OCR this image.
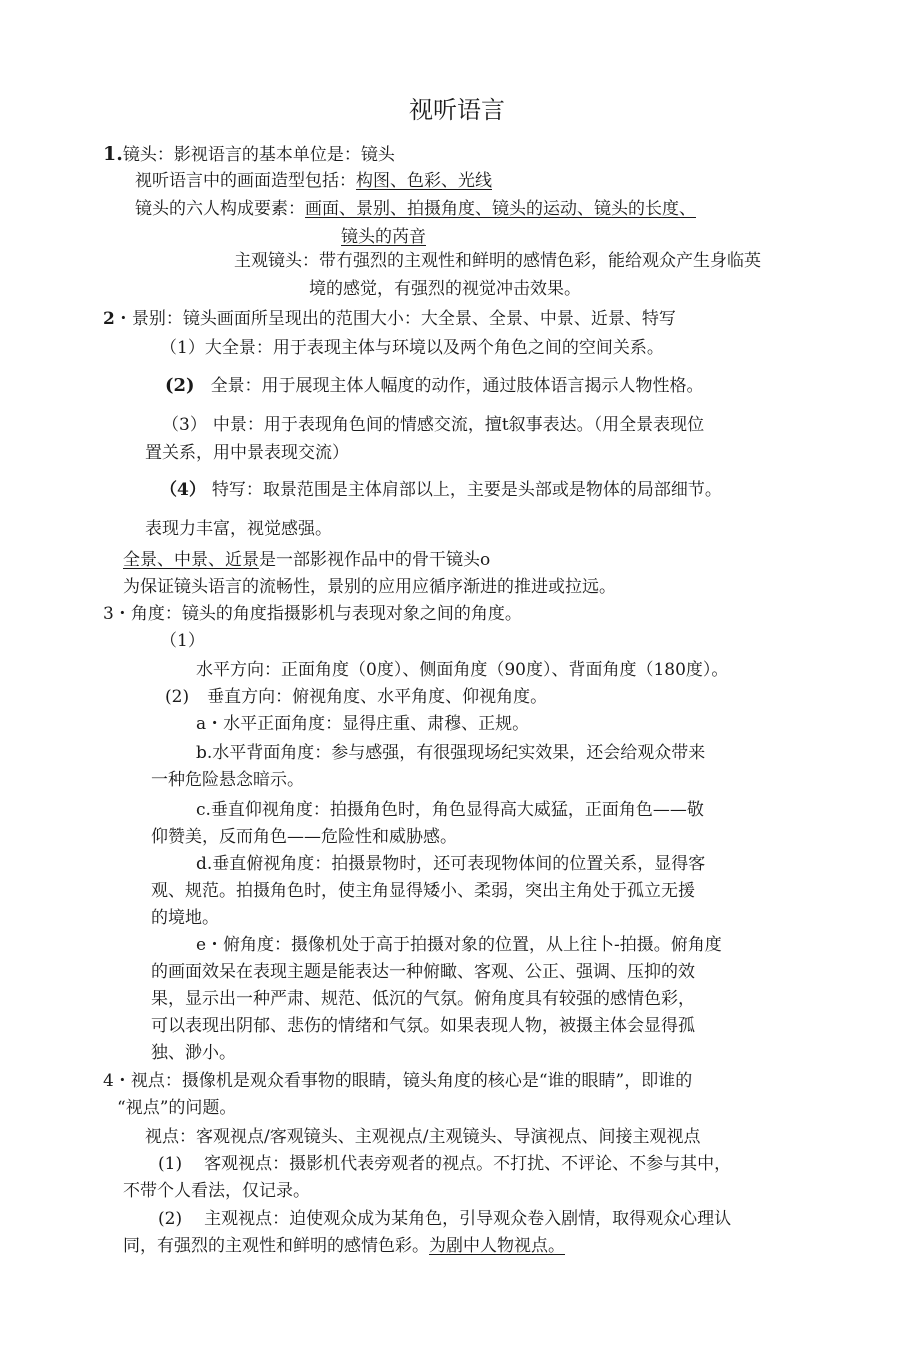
视听语言
1.镜头：影视语言的基本单位是：镜头
视听语言中的画面造型包括：构图、色彩、光线
镜头的六人构成要素：画面、景别、拍摄角度、镜头的运动、镜头的长度、
镜头的芮音
主观镜头：带冇强烈的主观性和鲜明的感情色彩，能给观众产生身临英
境的感觉，有强烈的视觉冲击效果。
2・景别：镜头画面所呈现出的范围大小：大全景、全景、中景、近景、特写
（1）大全景：用于表现主体与环境以及两个角色之间的空间关系。
(2) 全景：用于展现主体人幅度的动作，通过肢体语言揭示人物性格。
（3） 中景：用于表现角色间的情感交流，擅t叙事表达。（用全景表现位
置关系，用中景表现交流）
（4） 特写：取景范围是主体肩部以上，主要是头部或是物体的局部细节。
表现力丰富，视觉感强。
全景、中景、近景是一部影视作品中的骨干镜头o
为保证镜头语言的流畅性，景别的应用应循序渐进的推进或拉远。
3・角度：镜头的角度指摄影机与表现对象之间的角度。
（1）
水平方向：正面角度（0度）、侧面角度（90度）、背面角度（180度）。
(2) 垂直方向：俯视角度、水平角度、仰视角度。
a・水平正面角度：显得庄重、肃穆、正规。
b.水平背面角度：参与感强，有很强现场纪实效果，还会给观众带来
一种危险悬念暗示。
c.垂直仰视角度：拍摄角色时，角色显得高大威猛，正面角色——敬
仰赞美，反而角色——危险性和威胁感。
d.垂直俯视角度：拍摄景物时，还可表现物体间的位置关系，显得客
观、规范。拍摄角色时，使主角显得矮小、柔弱，突出主角处于孤立无援
的境地。
e・俯角度：摄像机处于高于拍摄对象的位置，从上往卜-拍摄。俯角度
的画面效呆在表现主题是能表达一种俯瞰、客观、公正、强调、压抑的效
果，显示出一种严肃、规范、低沉的气氛。俯角度具有较强的感情色彩，
可以表现出阴郁、悲伤的情绪和气氛。如果表现人物，被摄主体会显得孤
独、渺小。
4・视点：摄像机是观众看事物的眼睛，镜头角度的核心是“谁的眼睛”，即谁的
“视点”的问题。
视点：客观视点/客观镜头、主观视点/主观镜头、导演视点、间接主观视点
(1) 客观视点：摄影机代表旁观者的视点。不打扰、不评论、不参与其中，
不带个人看法，仅记录。
(2) 主观视点：迫使观众成为某角色，引导观众卷入剧情，取得观众心理认
同，有强烈的主观性和鲜明的感情色彩。为剧中人物视点。
